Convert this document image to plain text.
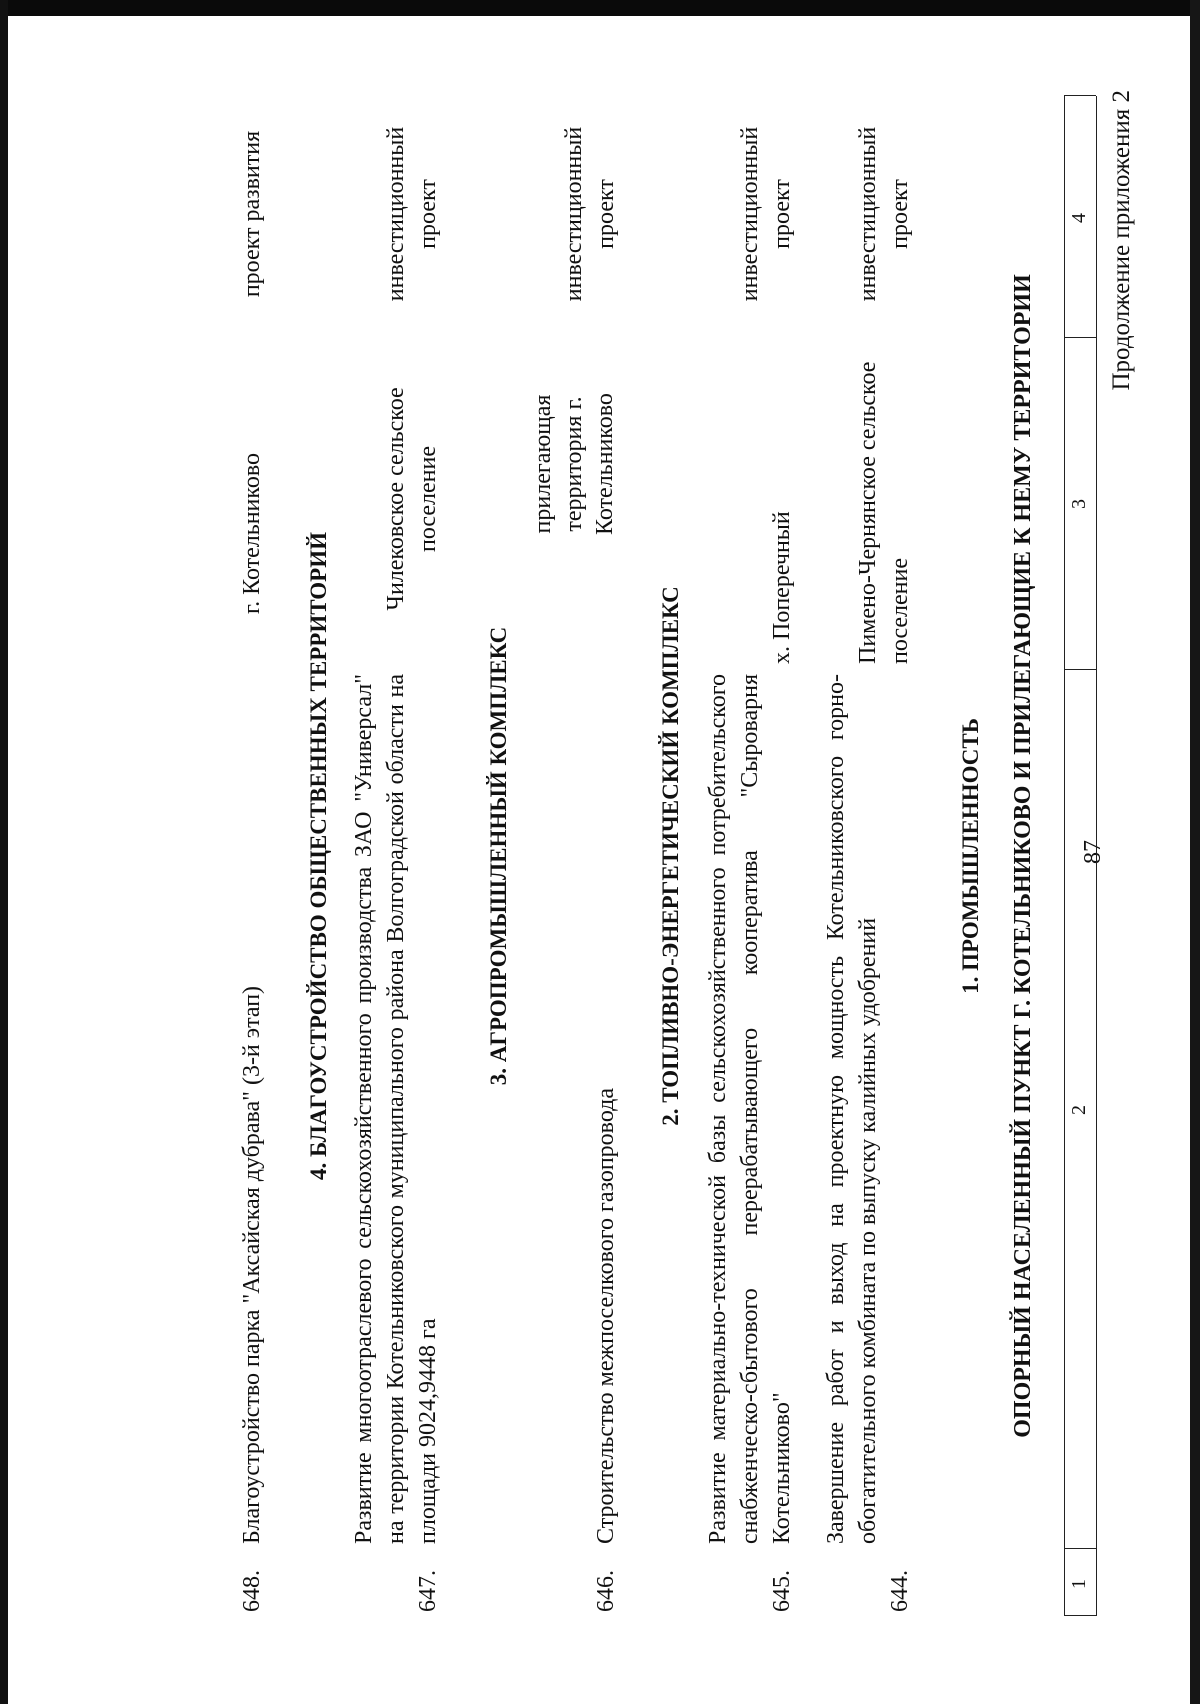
87
Продолжение приложения 2
1
2
3
4
ОПОРНЫЙ НАСЕЛЕННЫЙ ПУНКТ Г. КОТЕЛЬНИКОВО И ПРИЛЕГАЮЩИЕ К НЕМУ ТЕРРИТОРИИ
1. ПРОМЫШЛЕННОСТЬ
644.
Завершение работ и выход на проектную мощность Котельниковского горно-обогатительного комбината по выпуску калийных удобрений
Пимено-Чернянское сельское поселение
инвестиционный проект
645.
Развитие материально-технической базы сельскохозяйственного потребительского снабженческо-сбытового перерабатывающего кооператива "Сыроварня Котельниково"
х. Поперечный
инвестиционный проект
2. ТОПЛИВНО-ЭНЕРГЕТИЧЕСКИЙ КОМПЛЕКС
646.
Строительство межпоселкового газопровода
прилегающая территория г. Котельниково
инвестиционный проект
3. АГРОПРОМЫШЛЕННЫЙ КОМПЛЕКС
647.
Развитие многоотраслевого сельскохозяйственного производства ЗАО "Универсал" на территории Котельниковского муниципального района Волгоградской области на площади 9024,9448 га
Чилековское сельское поселение
инвестиционный проект
4. БЛАГОУСТРОЙСТВО ОБЩЕСТВЕННЫХ ТЕРРИТОРИЙ
648.
Благоустройство парка "Аксайская дубрава" (3-й этап)
г. Котельниково
проект развития
